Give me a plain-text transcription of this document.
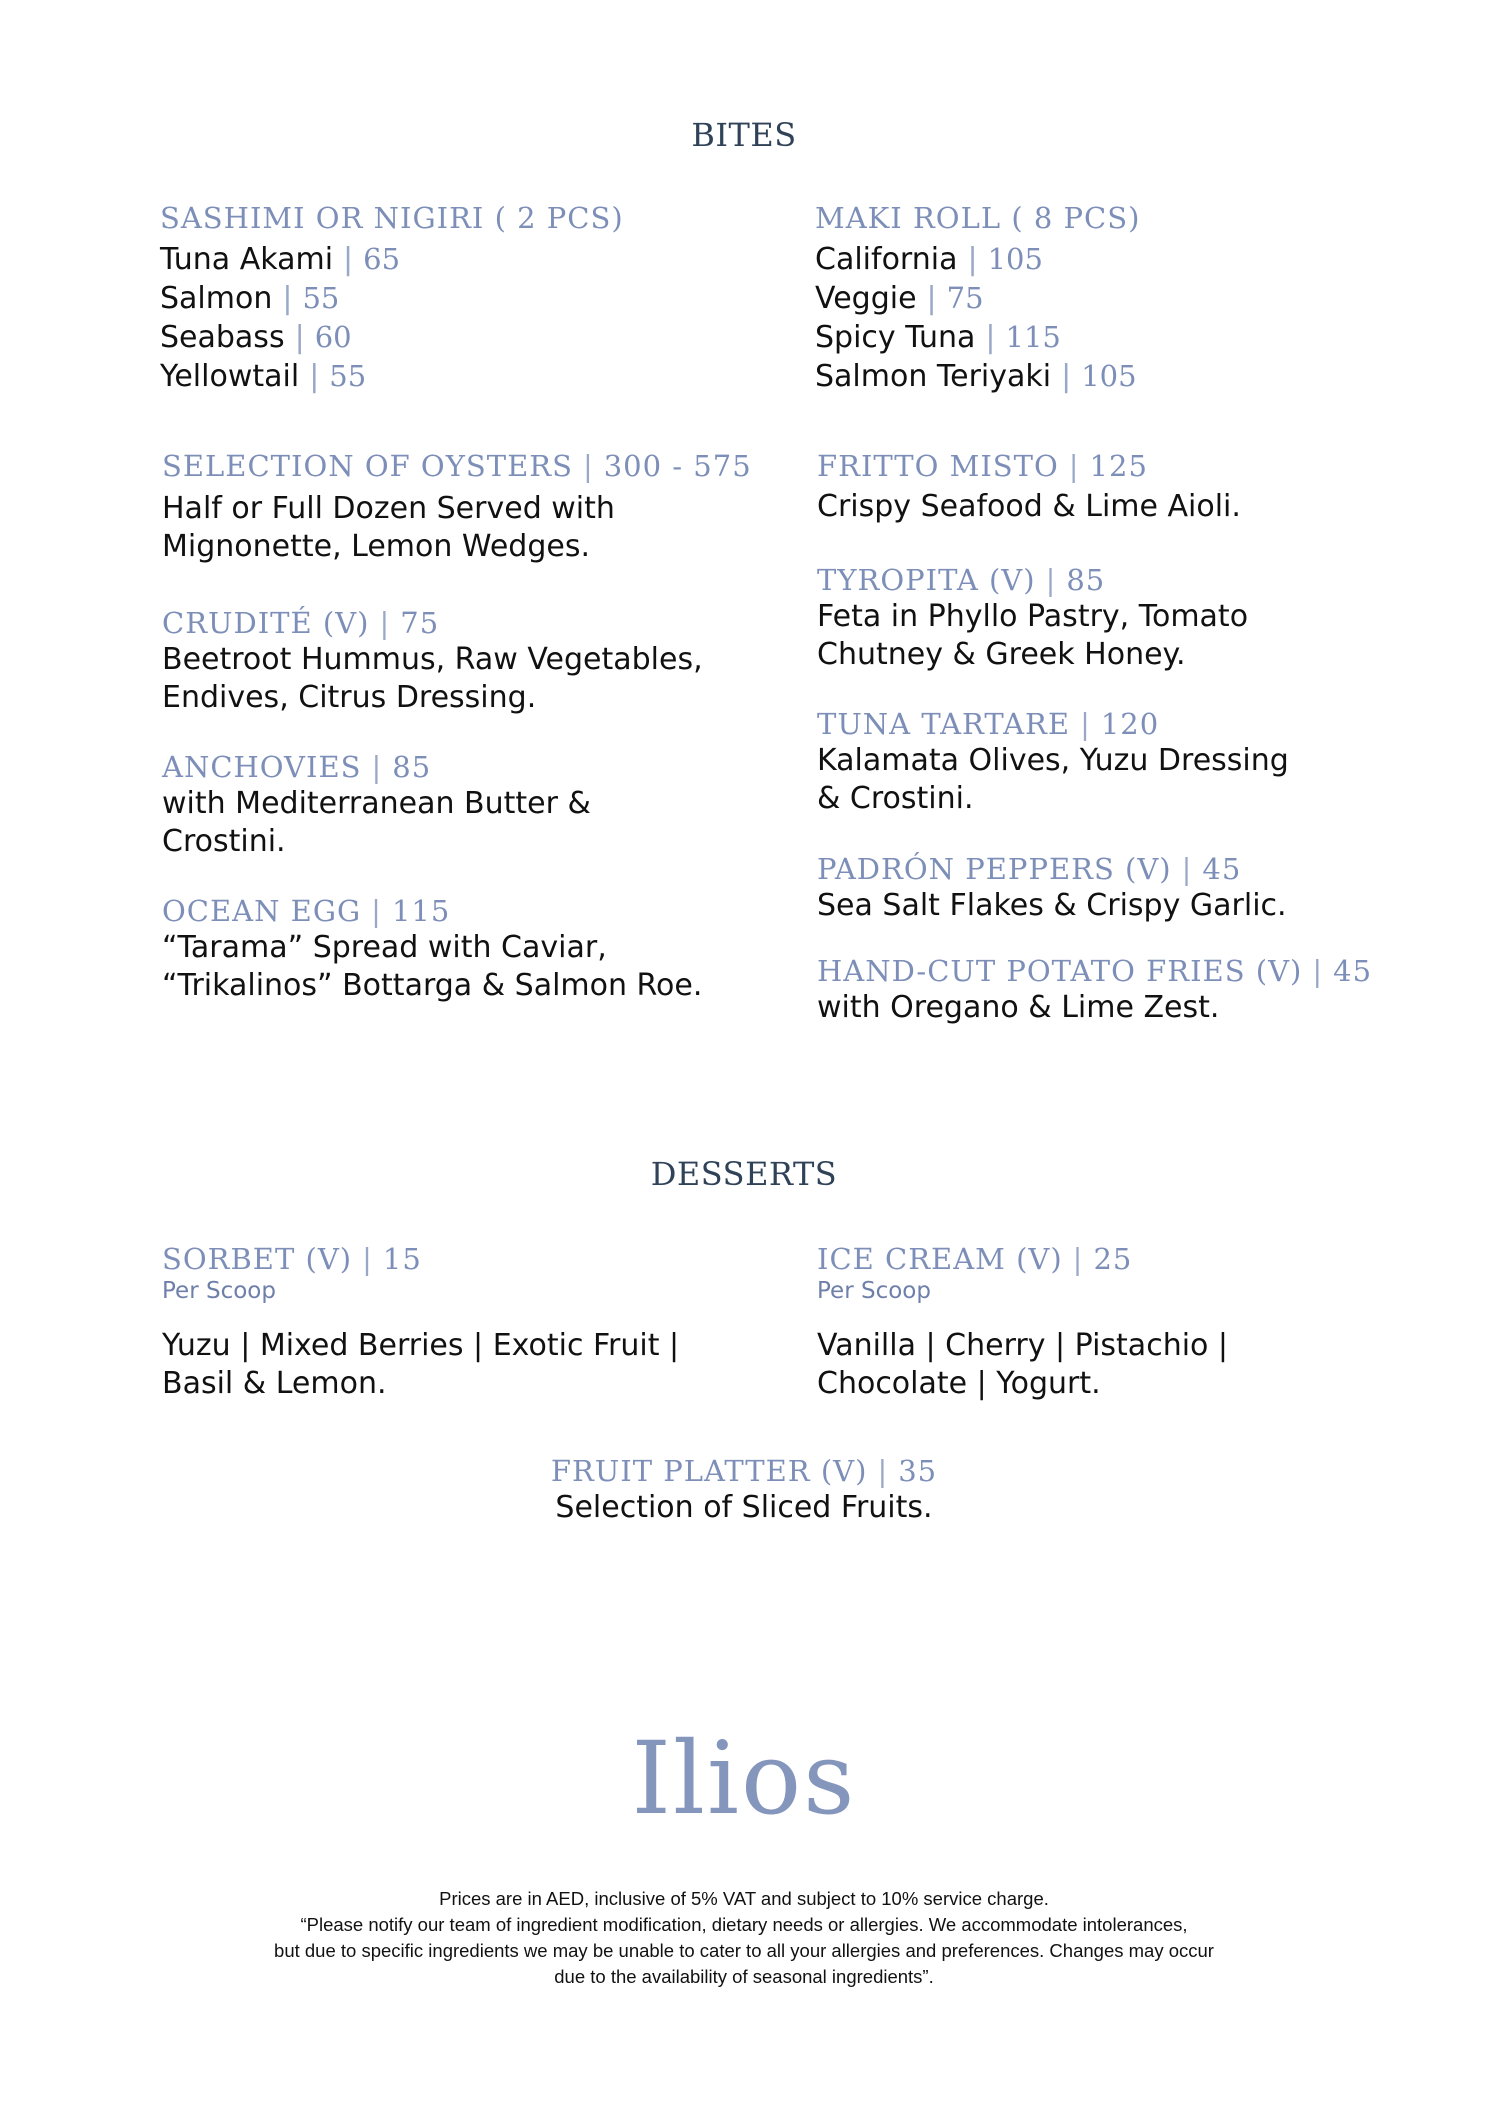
BITES
SASHIMI OR NIGIRI ( 2 PCS)
Tuna Akami | 65
Salmon | 55
Seabass | 60
Yellowtail | 55
MAKI ROLL ( 8 PCS)
California | 105
Veggie | 75
Spicy Tuna | 115
Salmon Teriyaki | 105
SELECTION OF OYSTERS | 300 - 575
Half or Full Dozen Served with
Mignonette, Lemon Wedges.
CRUDITÉ (V) | 75
Beetroot Hummus, Raw Vegetables,
Endives, Citrus Dressing.
ANCHOVIES | 85
with Mediterranean Butter &
Crostini.
OCEAN EGG | 115
“Tarama” Spread with Caviar,
“Trikalinos” Bottarga & Salmon Roe.
FRITTO MISTO | 125
Crispy Seafood & Lime Aioli.
TYROPITA (V) | 85
Feta in Phyllo Pastry, Tomato
Chutney & Greek Honey.
TUNA TARTARE | 120
Kalamata Olives, Yuzu Dressing
& Crostini.
PADRÓN PEPPERS (V) | 45
Sea Salt Flakes & Crispy Garlic.
HAND-CUT POTATO FRIES (V) | 45
with Oregano & Lime Zest.
DESSERTS
SORBET (V) | 15
Per Scoop
Yuzu | Mixed Berries | Exotic Fruit |
Basil & Lemon.
ICE CREAM (V) | 25
Per Scoop
Vanilla | Cherry | Pistachio |
Chocolate | Yogurt.
FRUIT PLATTER (V) | 35
Selection of Sliced Fruits.
Ilios
Prices are in AED, inclusive of 5% VAT and subject to 10% service charge.
“Please notify our team of ingredient modification, dietary needs or allergies. We accommodate intolerances,
but due to specific ingredients we may be unable to cater to all your allergies and preferences. Changes may occur
due to the availability of seasonal ingredients”.
